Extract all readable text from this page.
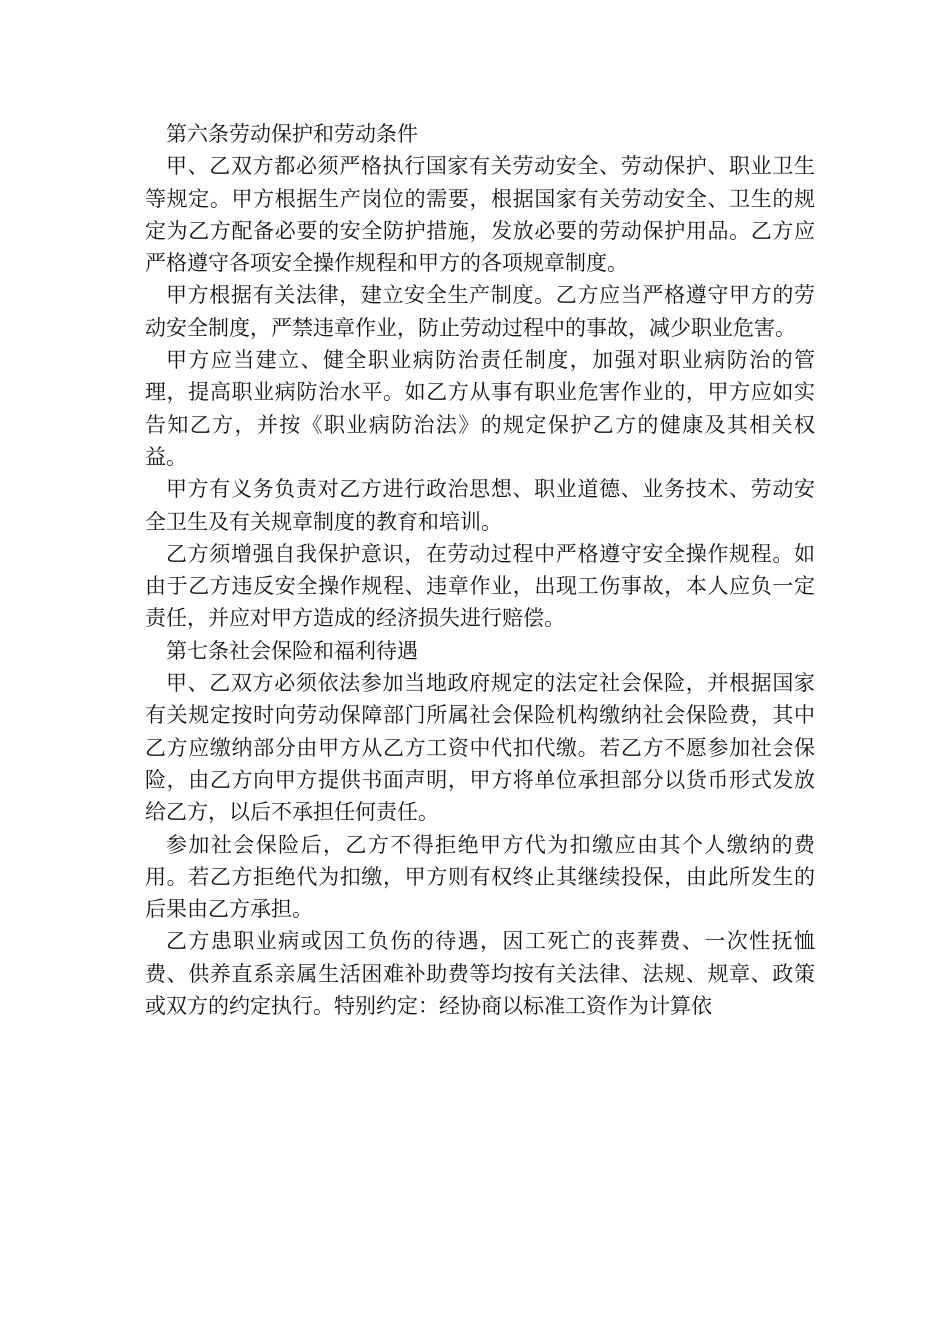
第六条劳动保护和劳动条件

甲、乙双方都必须严格执行国家有关劳动安全、劳动保护、职业卫生等规定。甲方根据生产岗位的需要，根据国家有关劳动安全、卫生的规定为乙方配备必要的安全防护措施，发放必要的劳动保护用品。乙方应严格遵守各项安全操作规程和甲方的各项规章制度。

甲方根据有关法律，建立安全生产制度。乙方应当严格遵守甲方的劳动安全制度，严禁违章作业，防止劳动过程中的事故，减少职业危害。

甲方应当建立、健全职业病防治责任制度，加强对职业病防治的管理，提高职业病防治水平。如乙方从事有职业危害作业的，甲方应如实告知乙方，并按《职业病防治法》的规定保护乙方的健康及其相关权益。

甲方有义务负责对乙方进行政治思想、职业道德、业务技术、劳动安全卫生及有关规章制度的教育和培训。

乙方须增强自我保护意识，在劳动过程中严格遵守安全操作规程。如由于乙方违反安全操作规程、违章作业，出现工伤事故，本人应负一定责任，并应对甲方造成的经济损失进行赔偿。

第七条社会保险和福利待遇

甲、乙双方必须依法参加当地政府规定的法定社会保险，并根据国家有关规定按时向劳动保障部门所属社会保险机构缴纳社会保险费，其中乙方应缴纳部分由甲方从乙方工资中代扣代缴。若乙方不愿参加社会保险，由乙方向甲方提供书面声明，甲方将单位承担部分以货币形式发放给乙方，以后不承担任何责任。

参加社会保险后，乙方不得拒绝甲方代为扣缴应由其个人缴纳的费用。若乙方拒绝代为扣缴，甲方则有权终止其继续投保，由此所发生的后果由乙方承担。

乙方患职业病或因工负伤的待遇，因工死亡的丧葬费、一次性抚恤费、供养直系亲属生活困难补助费等均按有关法律、法规、规章、政策或双方的约定执行。特别约定：经协商以标准工资作为计算依
